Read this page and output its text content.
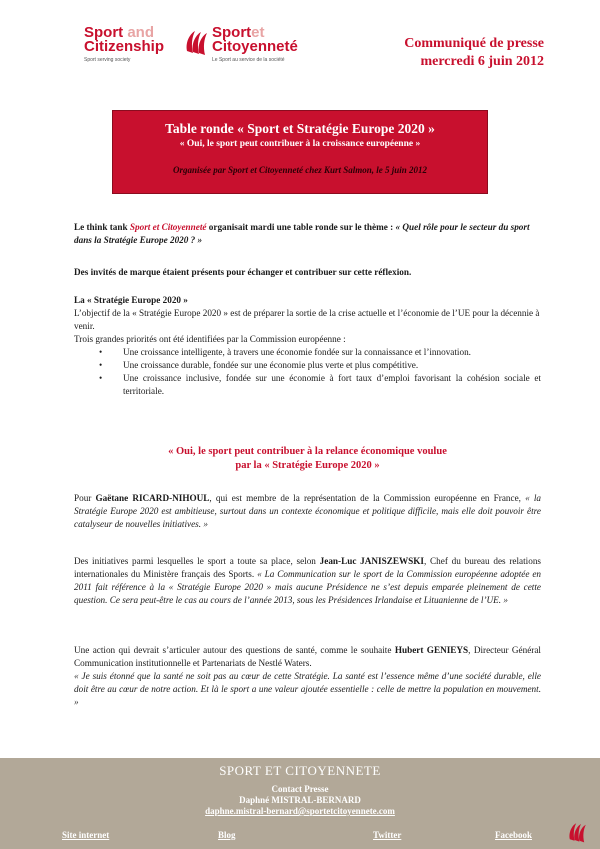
Sport and
Citizenship
Sport serving society
Sportet
Citoyenneté
Le Sport au service de la société
Communiqué de presse
mercredi 6 juin 2012
Table ronde « Sport et Stratégie Europe 2020 »
« Oui, le sport peut contribuer à la croissance européenne »
Organisée par Sport et Citoyenneté chez Kurt Salmon, le 5 juin 2012
Le think tank Sport et Citoyenneté organisait mardi une table ronde sur le thème : « Quel rôle pour le secteur du sport dans la Stratégie Europe 2020 ? »
Des invités de marque étaient présents pour échanger et contribuer sur cette réflexion.
La « Stratégie Europe 2020 »
L’objectif de la « Stratégie Europe 2020 » est de préparer la sortie de la crise actuelle et l’économie de l’UE pour la décennie à venir.
Trois grandes priorités ont été identifiées par la Commission européenne :
• Une croissance intelligente, à travers une économie fondée sur la connaissance et l’innovation.
• Une croissance durable, fondée sur une économie plus verte et plus compétitive.
• Une croissance inclusive, fondée sur une économie à fort taux d’emploi favorisant la cohésion sociale et territoriale.
« Oui, le sport peut contribuer à la relance économique voulue
par la « Stratégie Europe 2020 »
Pour Gaëtane RICARD-NIHOUL, qui est membre de la représentation de la Commission européenne en France, « la Stratégie Europe 2020 est ambitieuse, surtout dans un contexte économique et politique difficile, mais elle doit pouvoir être catalyseur de nouvelles initiatives. »
Des initiatives parmi lesquelles le sport a toute sa place, selon Jean-Luc JANISZEWSKI, Chef du bureau des relations internationales du Ministère français des Sports. « La Communication sur le sport de la Commission européenne adoptée en 2011 fait référence à la « Stratégie Europe 2020 » mais aucune Présidence ne s’est depuis emparée pleinement de cette question. Ce sera peut-être le cas au cours de l’année 2013, sous les Présidences Irlandaise et Lituanienne de l’UE. »
Une action qui devrait s’articuler autour des questions de santé, comme le souhaite Hubert GENIEYS, Directeur Général Communication institutionnelle et Partenariats de Nestlé Waters.
« Je suis étonné que la santé ne soit pas au cœur de cette Stratégie. La santé est l’essence même d’une société durable, elle doit être au cœur de notre action. Et là le sport a une valeur ajoutée essentielle : celle de mettre la population en mouvement. »
SPORT ET CITOYENNETE
Contact Presse
Daphné MISTRAL-BERNARD
daphne.mistral-bernard@sportetcitoyennete.com
Site internet	Blog	Twitter	Facebook
